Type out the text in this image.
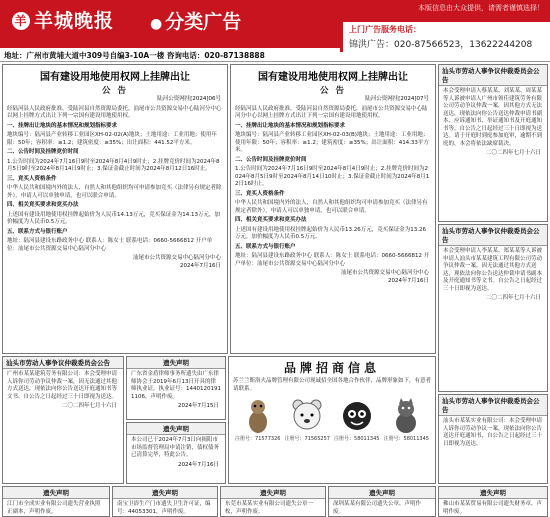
羊 羊城晚报	● 分类广告
本版信息由大众提供，请需者谨慎选择！
上门广告服务电话：
锦洪广告：020-87566523，13622244208
地址：广州市黄埔大道中309号自编3-10A一楼 咨询电话：020-87138888
国有建设用地使用权网上挂牌出让
公 告
陆河公资网挂[2024]06号
经陆河县人民政府批准，受陆河县自然资源局委托，汕尾市公共资源交易中心陆河分中心以网上挂牌方式出让下列一宗国有建设用地使用权。
一、挂牌出让地块的基本情况和规划指标要求
地块编号：陆河县产业转移工业园区XH-02-02(A)地块；土地用途：工业用地；使用年限：50年；容积率：≥1.2；建筑密度：≥35%；出让面积：441.52平方米。
二、公告时间及挂牌竞价时间
1.公告时间为2024年7月16日9时至2024年8月4日9时止；2.挂牌竞价时间为2024年8月5日9时至2024年8月14日9时止；3.保证金截止时间为2024年8月12日16时止。
三、竞买人资格条件
中华人民共和国境内外的法人、自然人和其他组织均可申请参加竞买（法律另有规定者除外），申请人可以单独申请，也可以联合申请。
四、相关竞买要求和竞买办法
上述国有建设用地使用权挂牌起始价为人民币14.13万元，竞买保证金为14.13万元，加价幅度为人民币0.5万元。
五、联系方式与银行账户
地址：陆河县建设东路政务中心 联系人：陈女士 联系电话：0660-5666812 开户单位：汕尾市公共资源交易中心陆河分中心
汕尾市公共资源交易中心陆河分中心
2024年7月16日
国有建设用地使用权网上挂牌出让
公 告
陆河公资网挂[2024]07号
经陆河县人民政府批准，受陆河县自然资源局委托，汕尾市公共资源交易中心陆河分中心以网上挂牌方式出让下列一宗国有建设用地使用权。
一、挂牌出让地块的基本情况和规划指标要求
地块编号：陆河县产业转移工业园区XH-02-03(B)地块；土地用途：工业用地；使用年限：50年；容积率：≥1.2；建筑密度：≥35%；出让面积：414.33平方米。
二、公告时间及挂牌竞价时间
1.公告时间为2024年7月16日9时至2024年8月4日9时止；2.挂牌竞价时间为2024年8月5日9时至2024年8月14日10时止；3.保证金截止时间为2024年8月12日16时止。
三、竞买人资格条件
中华人民共和国境内外的法人、自然人和其他组织均可申请参加竞买（法律另有规定者除外），申请人可以单独申请，也可以联合申请。
四、相关竞买要求和竞买办法
上述国有建设用地使用权挂牌起始价为人民币13.26万元，竞买保证金为13.26万元，加价幅度为人民币0.5万元。
五、联系方式与银行账户
地址：陆河县建设东路政务中心 联系人：陈女士 联系电话：0660-5666812 开户单位：汕尾市公共资源交易中心陆河分中心
汕尾市公共资源交易中心陆河分中心
2024年7月16日
汕头市劳动人事争议仲裁委员会公告
本会受理申请人蔡某某、刘某某、周某某等人诉被申请人广州市领佳建筑劳务有限公司劳动争议仲裁一案，因其他方式无法送达，现依法向你公告送达仲裁申请书副本、应诉通知书、举证通知书及开庭通知书等。自公告之日起经过三十日即视为送达。请于开庭时到庭参加庭审，逾期不到庭的，本会将依法缺席裁决。
二〇二四年七月十六日
汕头市劳动人事争议仲裁委员会公告
本会受理申请人李某某、郑某某等人诉被申请人汕头市某某建筑工程有限公司劳动争议仲裁一案，因无法通过其他方式送达，现依法向你公告送达仲裁申请书副本及开庭通知书等文书。自公告之日起经过三十日即视为送达。
二〇二四年七月十六日
汕头市劳动人事争议仲裁委员会公告
汕头市某某实业有限公司：本会受理申请人诉你司劳动争议一案，现依法向你公告送达开庭通知书，自公告之日起经过三十日即视为送达。
汕头市劳动人事争议仲裁委员会公告
广州市某某建筑劳务有限公司：本会受理申请人诉你司劳动争议仲裁一案，因无法通过其他方式送达，现依法向你公告送达开庭通知书等文书。自公告之日起经过三十日即视为送达。
二〇二四年七月十六日
遗失声明
广东省金盾律师事务所遗失由广东律师协会于2019年6月13日开具的律师执业证，执业证号：14401201911106，声明作废。
2024年7月15日
遗失声明
本公司已于2024年7月3日向揭阳市市场监督管理局申请注销，债权债务已清算完毕，特此公告。
2024年7月16日
品牌招商信息
苏兰兰斯洛夫品牌管理有限公司现诚招全国各地合作伙伴，品牌形象如下，有意者请联系。
注册号：71577326 注册号：71565257 注册号：58011345 注册号：58011345
遗失声明
江门市全成实业有限公司遗失营业执照正副本，声明作废。
遗失声明
南宝卫浴生产门市遗失卫生许可证，编号：44053301，声明作废。
遗失声明
东莞市某某实业有限公司遗失公章一枚，声明作废。
遗失声明
深圳某某有限公司遗失公章，声明作废。
遗失声明
佛山市某某贸易有限公司遗失财务章，声明作废。
